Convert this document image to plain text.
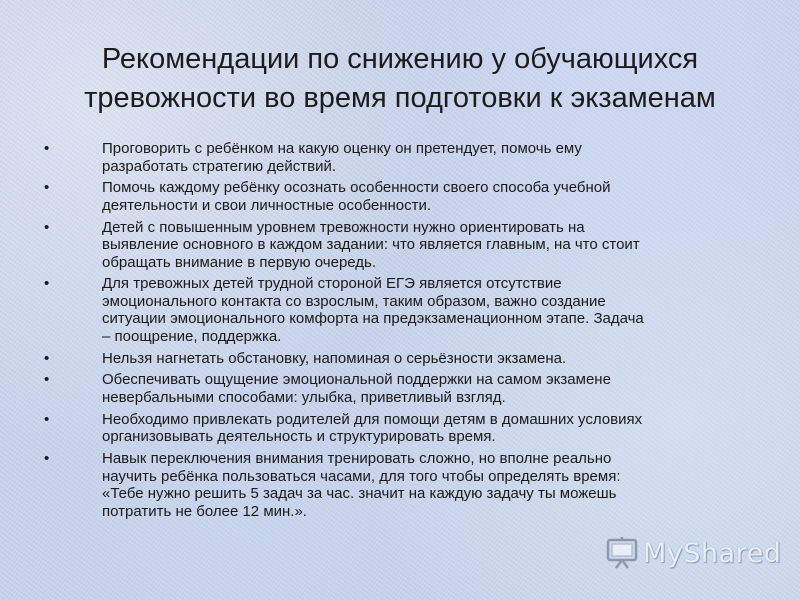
Рекомендации по снижению у обучающихся
тревожности во время подготовки к экзаменам
•	Проговорить с ребёнком на какую оценку он претендует, помочь ему
разработать стратегию действий.
•	Помочь каждому ребёнку осознать особенности своего способа учебной
деятельности и свои личностные особенности.
•	Детей с повышенным уровнем тревожности нужно ориентировать на
выявление основного в каждом задании: что является главным, на что стоит
обращать внимание в первую очередь.
•	Для тревожных детей трудной стороной ЕГЭ является отсутствие
эмоционального контакта со взрослым, таким образом, важно создание
ситуации эмоционального комфорта на предэкзаменационном этапе. Задача
– поощрение, поддержка.
•	Нельзя нагнетать обстановку, напоминая о серьёзности экзамена.
•	Обеспечивать ощущение эмоциональной поддержки на самом экзамене
невербальными способами: улыбка, приветливый взгляд.
•	Необходимо привлекать родителей для помощи детям в домашних условиях
организовывать деятельность и структурировать время.
•	Навык переключения внимания тренировать сложно, но вполне реально
научить ребёнка пользоваться часами, для того чтобы определять время:
«Тебе нужно решить 5 задач за час. значит на каждую задачу ты можешь
потратить не более 12 мин.».
MyShared
